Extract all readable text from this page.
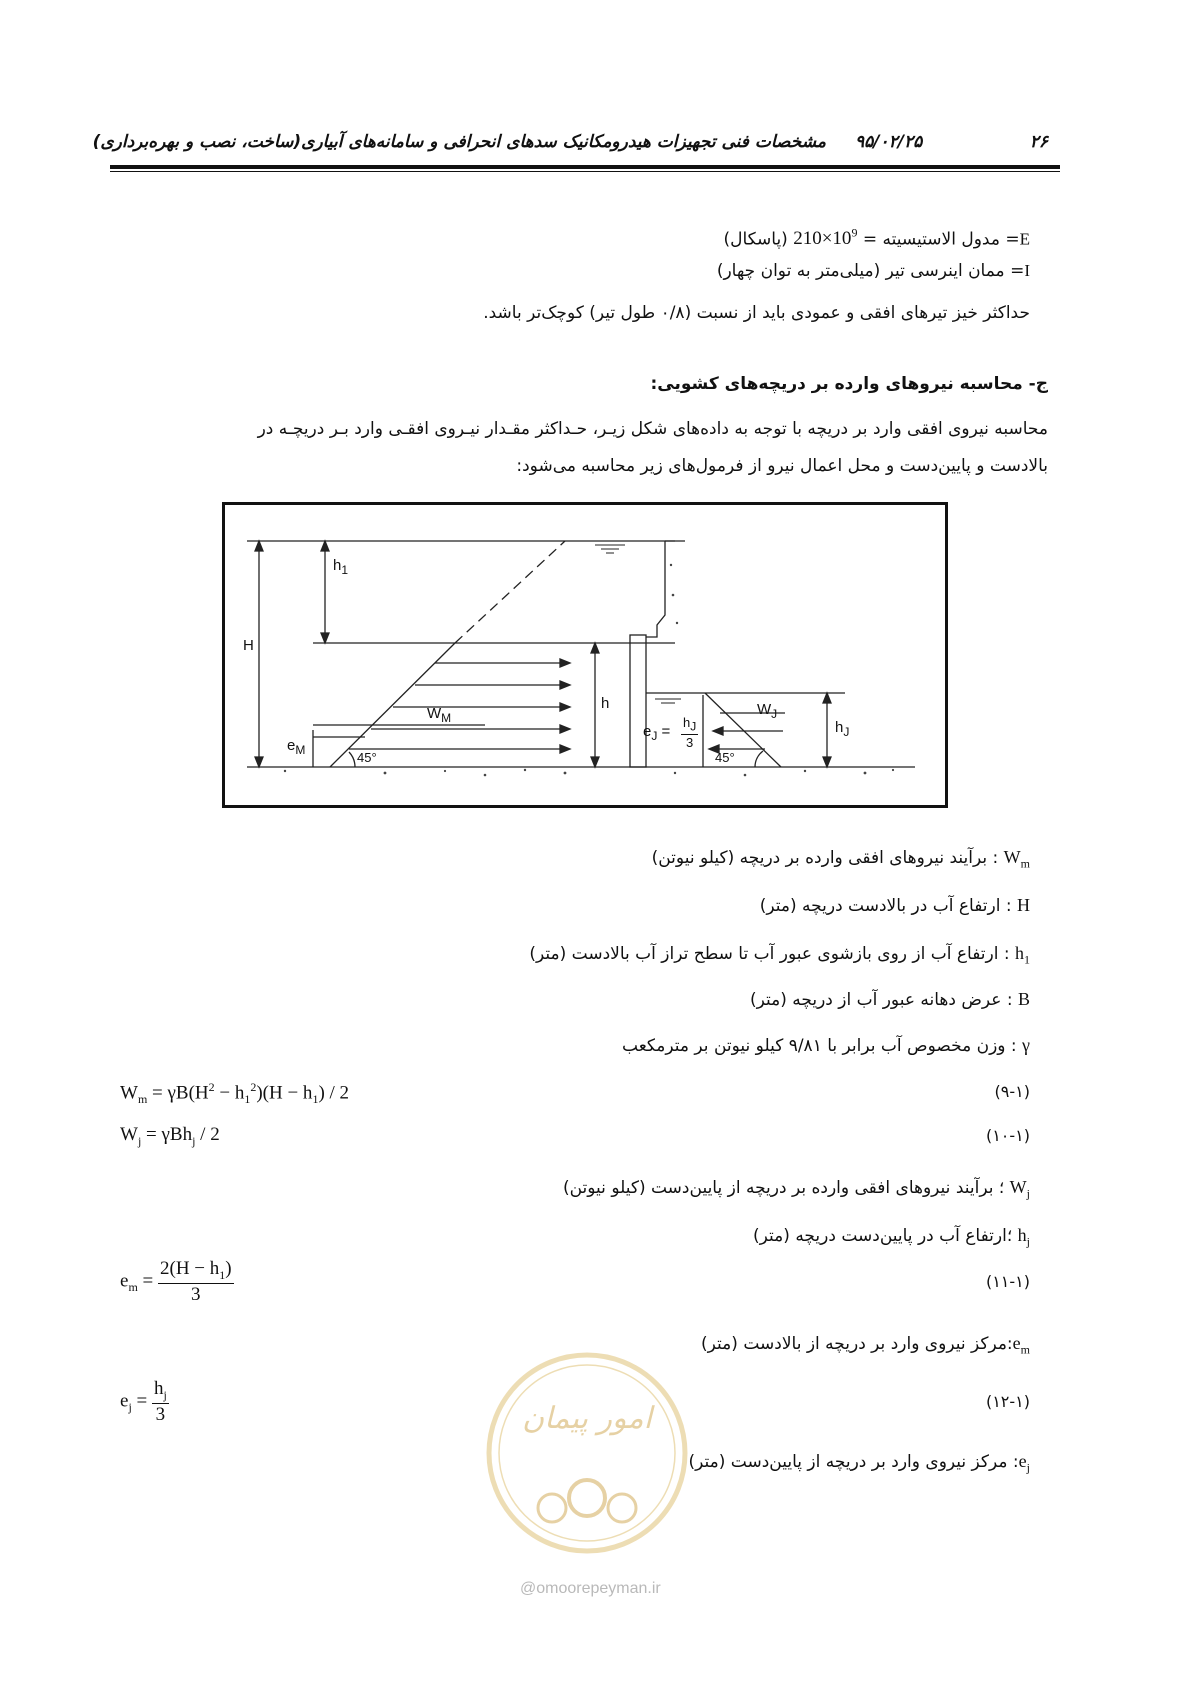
۲۶
۹۵/۰۲/۲۵
مشخصات فنی تجهیزات هیدرومکانیک سدهای انحرافی و سامانه‌های آبیاری(ساخت، نصب و بهره‌برداری)
E= مدول الاستیسیته = $210\times 10^9$ (پاسکال)
I= ممان اینرسی تیر (میلی‌متر به توان چهار)
حداکثر خیز تیرهای افقی و عمودی باید از نسبت (۰/۸ طول تیر) کوچک‌تر باشد.
ج- محاسبه نیروهای وارده بر دریچه‌های کشویی:
محاسبه نیروی افقی وارد بر دریچه با توجه به داده‌های شکل زیـر، حـداکثر مقـدار نیـروی افقـی وارد بـر دریچـه در
بالادست و پایین‌دست و محل اعمال نیرو از فرمول‌های زیر محاسبه می‌شود:
$h_1$
H
h
$W_M$
$e_M$	45°
$e_J = \frac{h_J}{3}$
$W_J$
$h_J$
45°
$W_m$ : برآیند نیروهای افقی وارده بر دریچه (کیلو نیوتن)
H : ارتفاع آب در بالادست دریچه (متر)
$h_1$ : ارتفاع آب از روی بازشوی عبور آب تا سطح تراز آب بالادست (متر)
B : عرض دهانه عبور آب از دریچه (متر)
γ : وزن مخصوص آب برابر با ۹/۸۱ کیلو نیوتن بر مترمکعب
$W_m = \gamma B(H^2 - h_1^2)(H - h_1) / 2$	(۹-۱)
$W_j = \gamma Bh_j / 2$	(۱۰-۱)
$W_j$ ؛ برآیند نیروهای افقی وارده بر دریچه از پایین‌دست (کیلو نیوتن)
$h_j$ ؛ارتفاع آب در پایین‌دست دریچه (متر)
$e_m = \frac{2(H - h_1)}{3}$	(۱۱-۱)
$e_m:مرکز$ نیروی وارد بر دریچه از بالادست (متر)
$e_j = \frac{h_j}{3}$	(۱۲-۱)
$e_j$: مرکز نیروی وارد بر دریچه از پایین‌دست (متر)
امور پیمان
@omoorepeyman.ir
